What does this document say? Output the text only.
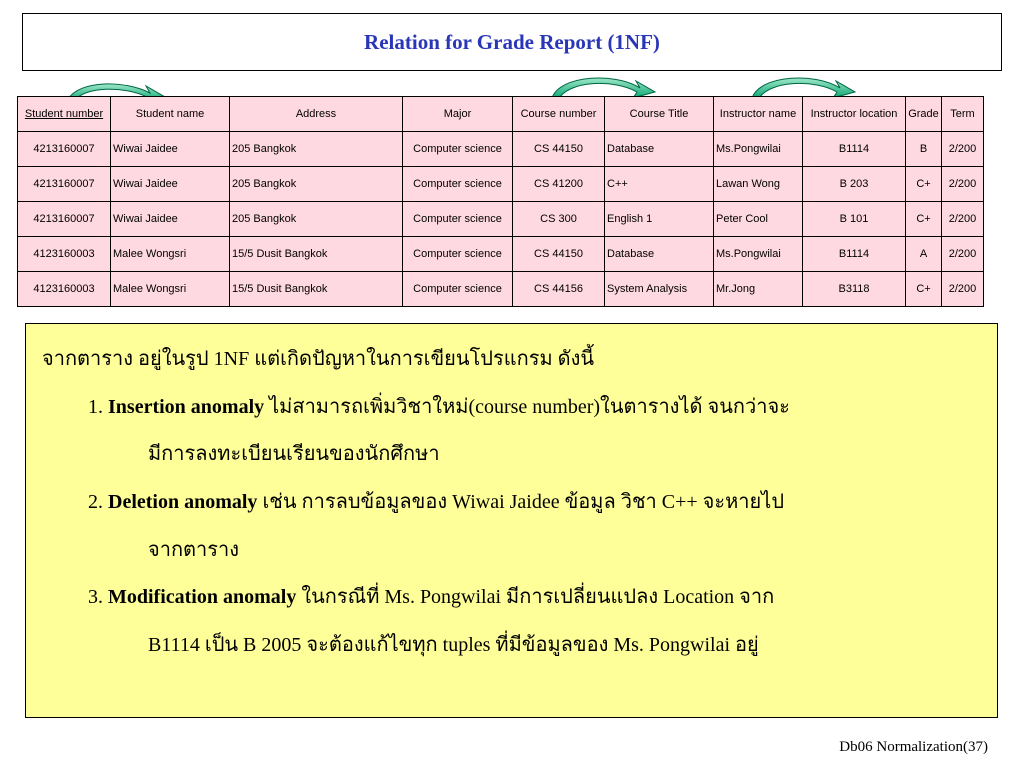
Relation for Grade Report (1NF)
Student number	Student name	Address	Major	Course number	Course Title	Instructor name	Instructor location	Grade	Term
4213160007	Wiwai Jaidee	205 Bangkok	Computer science	CS 44150	Database	Ms.Pongwilai	B1114	B	2/200
4213160007	Wiwai Jaidee	205 Bangkok	Computer science	CS 41200	C++	Lawan Wong	B 203	C+	2/200
4213160007	Wiwai Jaidee	205 Bangkok	Computer science	CS 300	English 1	Peter Cool	B 101	C+	2/200
4123160003	Malee Wongsri	15/5 Dusit Bangkok	Computer science	CS 44150	Database	Ms.Pongwilai	B1114	A	2/200
4123160003	Malee Wongsri	15/5 Dusit Bangkok	Computer science	CS 44156	System Analysis	Mr.Jong	B3118	C+	2/200

จากตาราง อยู่ในรูป 1NF แต่เกิดปัญหาในการเขียนโปรแกรม ดังนี้

1. Insertion anomaly ไม่สามารถเพิ่มวิชาใหม่(course number)ในตารางได้ จนกว่าจะ

มีการลงทะเบียนเรียนของนักศึกษา

2. Deletion anomaly เช่น การลบข้อมูลของ Wiwai Jaidee ข้อมูล วิชา C++ จะหายไป

จากตาราง

3. Modification anomaly ในกรณีที่ Ms. Pongwilai มีการเปลี่ยนแปลง Location จาก

B1114 เป็น B 2005 จะต้องแก้ไขทุก tuples ที่มีข้อมูลของ Ms. Pongwilai อยู่

Db06 Normalization(37)
